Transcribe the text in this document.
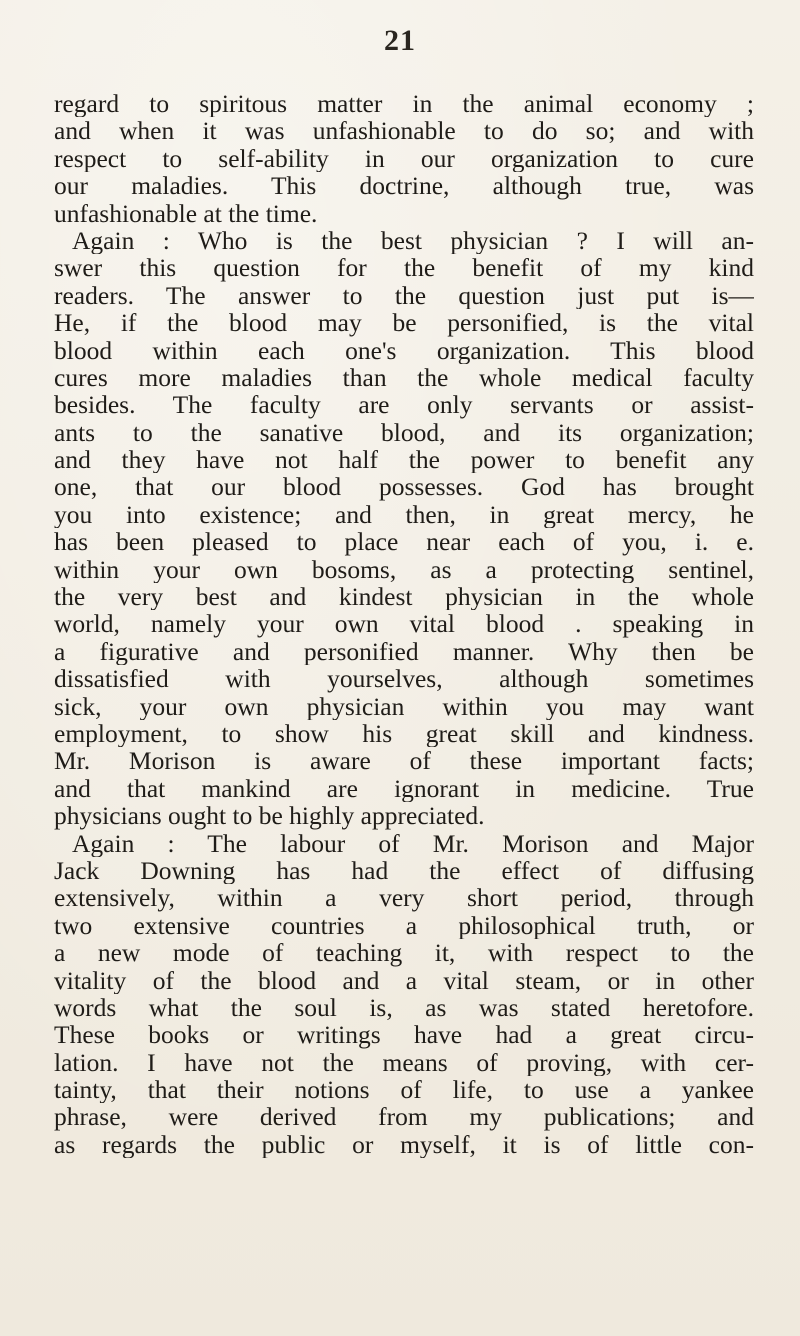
21
regard to spiritous matter in the animal economy ;
and when it was unfashionable to do so; and with
respect to self-ability in our organization to cure
our maladies. This doctrine, although true, was
unfashionable at the time.
Again : Who is the best physician ? I will an-
swer this question for the benefit of my kind
readers. The answer to the question just put is—
He, if the blood may be personified, is the vital
blood within each one's organization. This blood
cures more maladies than the whole medical faculty
besides. The faculty are only servants or assist-
ants to the sanative blood, and its organization;
and they have not half the power to benefit any
one, that our blood possesses. God has brought
you into existence; and then, in great mercy, he
has been pleased to place near each of you, i. e.
within your own bosoms, as a protecting sentinel,
the very best and kindest physician in the whole
world, namely your own vital blood . speaking in
a figurative and personified manner. Why then be
dissatisfied with yourselves, although sometimes
sick, your own physician within you may want
employment, to show his great skill and kindness.
Mr. Morison is aware of these important facts;
and that mankind are ignorant in medicine. True
physicians ought to be highly appreciated.
Again : The labour of Mr. Morison and Major
Jack Downing has had the effect of diffusing
extensively, within a very short period, through
two extensive countries a philosophical truth, or
a new mode of teaching it, with respect to the
vitality of the blood and a vital steam, or in other
words what the soul is, as was stated heretofore.
These books or writings have had a great circu-
lation. I have not the means of proving, with cer-
tainty, that their notions of life, to use a yankee
phrase, were derived from my publications; and
as regards the public or myself, it is of little con-
